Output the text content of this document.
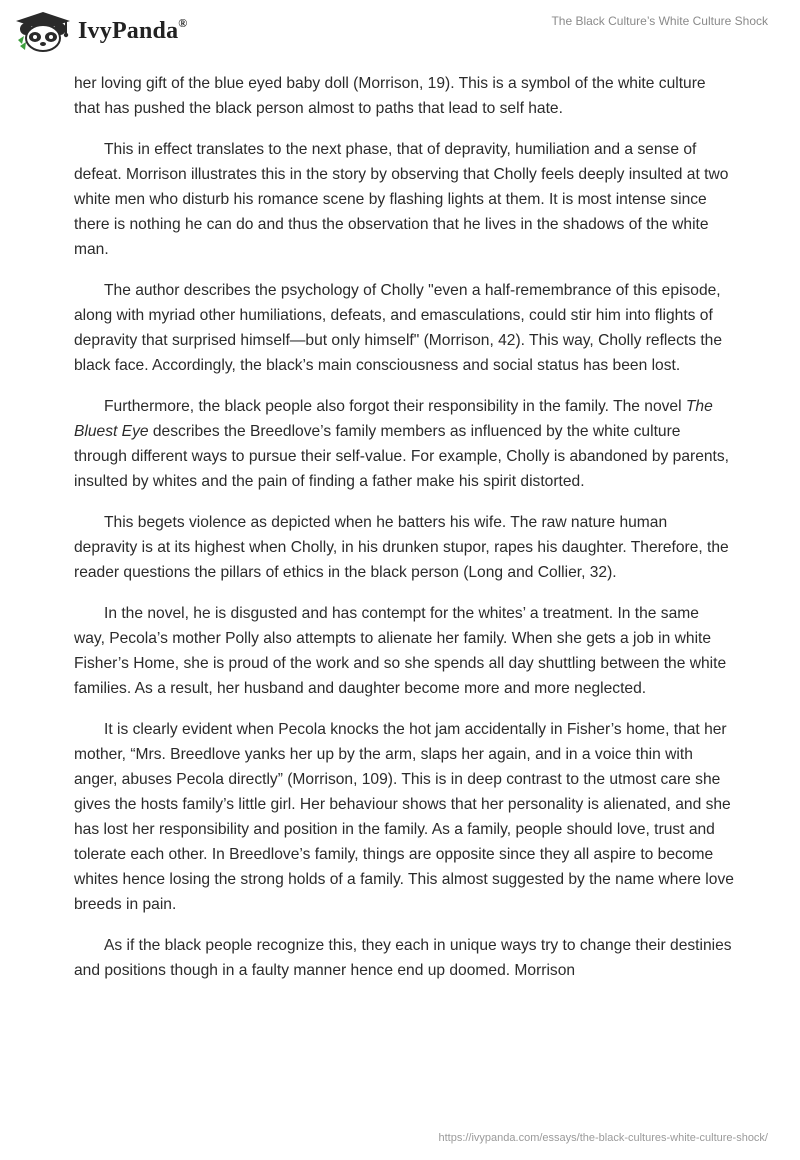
IvyPanda®	The Black Culture’s White Culture Shock

her loving gift of the blue eyed baby doll (Morrison, 19). This is a symbol of the white culture that has pushed the black person almost to paths that lead to self hate.

This in effect translates to the next phase, that of depravity, humiliation and a sense of defeat. Morrison illustrates this in the story by observing that Cholly feels deeply insulted at two white men who disturb his romance scene by flashing lights at them. It is most intense since there is nothing he can do and thus the observation that he lives in the shadows of the white man.

The author describes the psychology of Cholly "even a half-remembrance of this episode, along with myriad other humiliations, defeats, and emasculations, could stir him into flights of depravity that surprised himself—but only himself" (Morrison, 42). This way, Cholly reflects the black face. Accordingly, the black’s main consciousness and social status has been lost.

Furthermore, the black people also forgot their responsibility in the family. The novel The Bluest Eye describes the Breedlove’s family members as influenced by the white culture through different ways to pursue their self-value. For example, Cholly is abandoned by parents, insulted by whites and the pain of finding a father make his spirit distorted.

This begets violence as depicted when he batters his wife. The raw nature human depravity is at its highest when Cholly, in his drunken stupor, rapes his daughter. Therefore, the reader questions the pillars of ethics in the black person (Long and Collier, 32).

In the novel, he is disgusted and has contempt for the whites’ a treatment. In the same way, Pecola’s mother Polly also attempts to alienate her family. When she gets a job in white Fisher’s Home, she is proud of the work and so she spends all day shuttling between the white families. As a result, her husband and daughter become more and more neglected.

It is clearly evident when Pecola knocks the hot jam accidentally in Fisher’s home, that her mother, “Mrs. Breedlove yanks her up by the arm, slaps her again, and in a voice thin with anger, abuses Pecola directly” (Morrison, 109). This is in deep contrast to the utmost care she gives the hosts family’s little girl. Her behaviour shows that her personality is alienated, and she has lost her responsibility and position in the family. As a family, people should love, trust and tolerate each other. In Breedlove’s family, things are opposite since they all aspire to become whites hence losing the strong holds of a family. This almost suggested by the name where love breeds in pain.

As if the black people recognize this, they each in unique ways try to change their destinies and positions though in a faulty manner hence end up doomed. Morrison

https://ivypanda.com/essays/the-black-cultures-white-culture-shock/
